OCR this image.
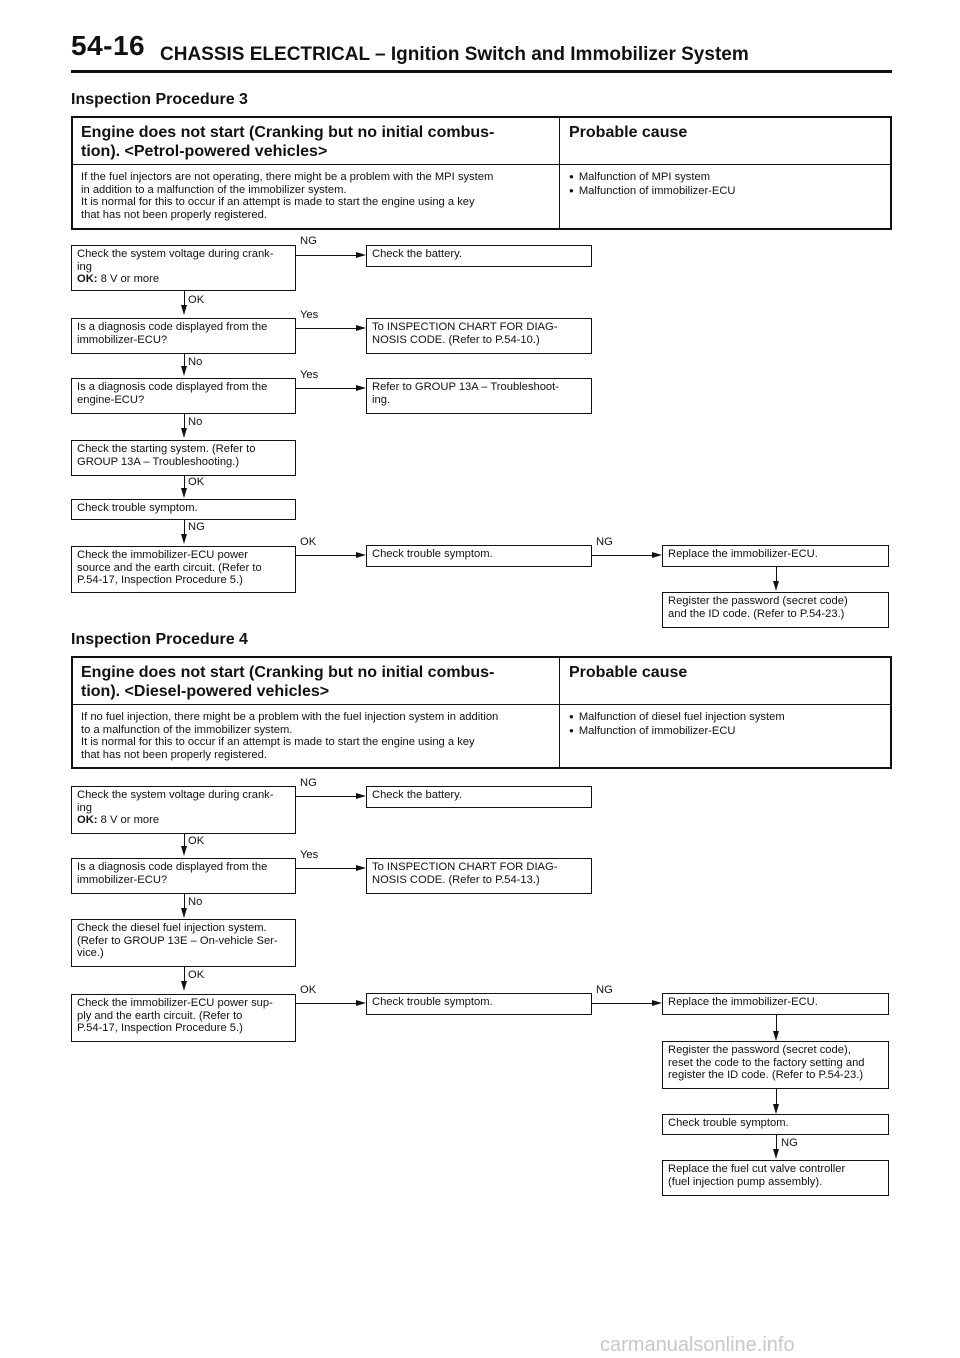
54-16 CHASSIS ELECTRICAL – Ignition Switch and Immobilizer System
Inspection Procedure 3
Engine does not start (Cranking but no initial combus-
tion). <Petrol-powered vehicles>
Probable cause
If the fuel injectors are not operating, there might be a problem with the MPI system
in addition to a malfunction of the immobilizer system.
It is normal for this to occur if an attempt is made to start the engine using a key
that has not been properly registered.
● Malfunction of MPI system
● Malfunction of immobilizer-ECU
Check the system voltage during crank-
ing
OK: 8 V or more
NG
Check the battery.
OK
Is a diagnosis code displayed from the
immobilizer-ECU?
Yes
To INSPECTION CHART FOR DIAG-
NOSIS CODE. (Refer to P.54-10.)
No
Is a diagnosis code displayed from the
engine-ECU?
Yes
Refer to GROUP 13A – Troubleshoot-
ing.
No
Check the starting system. (Refer to
GROUP 13A – Troubleshooting.)
OK
Check trouble symptom.
NG
Check the immobilizer-ECU power
source and the earth circuit. (Refer to
P.54-17, Inspection Procedure 5.)
OK
Check trouble symptom.
NG
Replace the immobilizer-ECU.
Register the password (secret code)
and the ID code. (Refer to P.54-23.)
Inspection Procedure 4
Engine does not start (Cranking but no initial combus-
tion). <Diesel-powered vehicles>
Probable cause
If no fuel injection, there might be a problem with the fuel injection system in addition
to a malfunction of the immobilizer system.
It is normal for this to occur if an attempt is made to start the engine using a key
that has not been properly registered.
● Malfunction of diesel fuel injection system
● Malfunction of immobilizer-ECU
Check the system voltage during crank-
ing
OK: 8 V or more
NG
Check the battery.
OK
Is a diagnosis code displayed from the
immobilizer-ECU?
Yes
To INSPECTION CHART FOR DIAG-
NOSIS CODE. (Refer to P.54-13.)
No
Check the diesel fuel injection system.
(Refer to GROUP 13E – On-vehicle Ser-
vice.)
OK
Check the immobilizer-ECU power sup-
ply and the earth circuit. (Refer to
P.54-17, Inspection Procedure 5.)
OK
Check trouble symptom.
NG
Replace the immobilizer-ECU.
Register the password (secret code),
reset the code to the factory setting and
register the ID code. (Refer to P.54-23.)
Check trouble symptom.
NG
Replace the fuel cut valve controller
(fuel injection pump assembly).
carmanualsonline.info
